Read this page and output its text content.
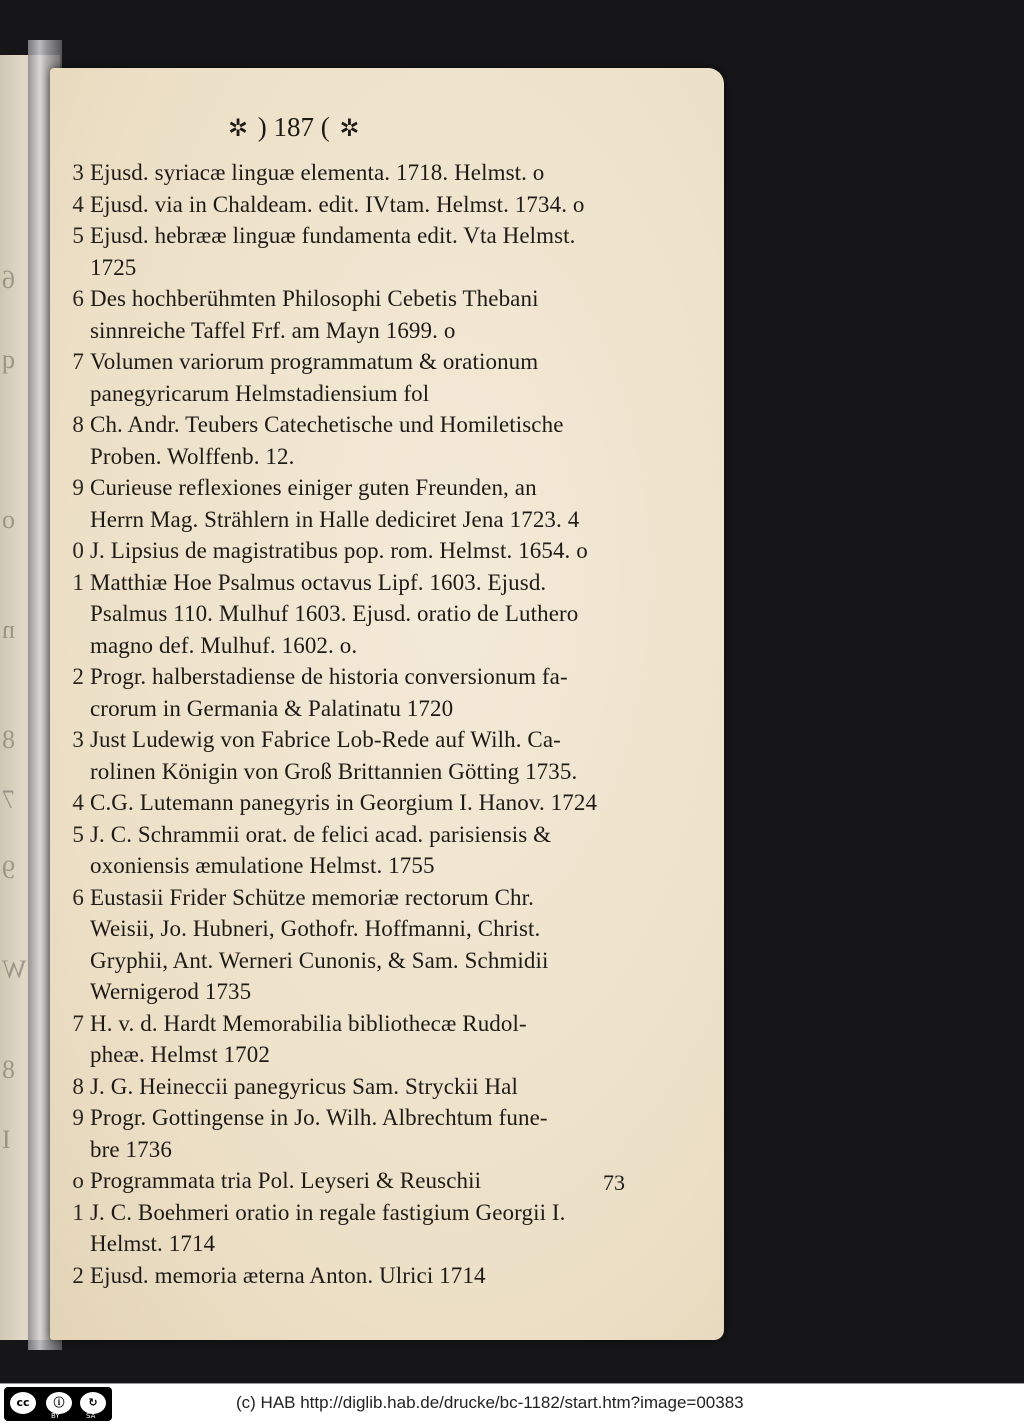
6
q
o
n
8
7
9
W
8
I
✲ ) 187 ( ✲
3 Ejusd. syriacæ linguæ elementa. 1718. Helmst. o
4 Ejusd. via in Chaldeam. edit. IVtam. Helmst. 1734. o
5 Ejusd. hebrææ linguæ fundamenta edit. Vta Helmst.
1725
6 Des hochberühmten Philosophi Cebetis Thebani
sinnreiche Taffel Frf. am Mayn 1699. o
7 Volumen variorum programmatum & orationum
panegyricarum Helmstadiensium fol
8 Ch. Andr. Teubers Catechetische und Homiletische
Proben. Wolffenb. 12.
9 Curieuse reflexiones einiger guten Freunden, an
Herrn Mag. Strählern in Halle dediciret Jena 1723. 4
0 J. Lipsius de magistratibus pop. rom. Helmst. 1654. o
1 Matthiæ Hoe Psalmus octavus Lipf. 1603. Ejusd.
Psalmus 110. Mulhuf 1603. Ejusd. oratio de Luthero
magno def. Mulhuf. 1602. o.
2 Progr. halberstadiense de historia conversionum fa-
crorum in Germania & Palatinatu 1720
3 Just Ludewig von Fabrice Lob-Rede auf Wilh. Ca-
rolinen Königin von Groß Brittannien Götting 1735.
4 C.G. Lutemann panegyris in Georgium I. Hanov. 1724
5 J. C. Schrammii orat. de felici acad. parisiensis &
oxoniensis æmulatione Helmst. 1755
6 Eustasii Frider Schütze memoriæ rectorum Chr.
Weisii, Jo. Hubneri, Gothofr. Hoffmanni, Christ.
Gryphii, Ant. Werneri Cunonis, & Sam. Schmidii
Wernigerod 1735
7 H. v. d. Hardt Memorabilia bibliothecæ Rudol-
pheæ. Helmst 1702
8 J. G. Heineccii panegyricus Sam. Stryckii Hal
9 Progr. Gottingense in Jo. Wilh. Albrechtum fune-
bre 1736
o Programmata tria Pol. Leyseri & Reuschii
1 J. C. Boehmeri oratio in regale fastigium Georgii I.
Helmst. 1714
2 Ejusd. memoria æterna Anton. Ulrici 1714
73
cc	ⓘ	↻
BY	SA
(c) HAB http://diglib.hab.de/drucke/bc-1182/start.htm?image=00383
